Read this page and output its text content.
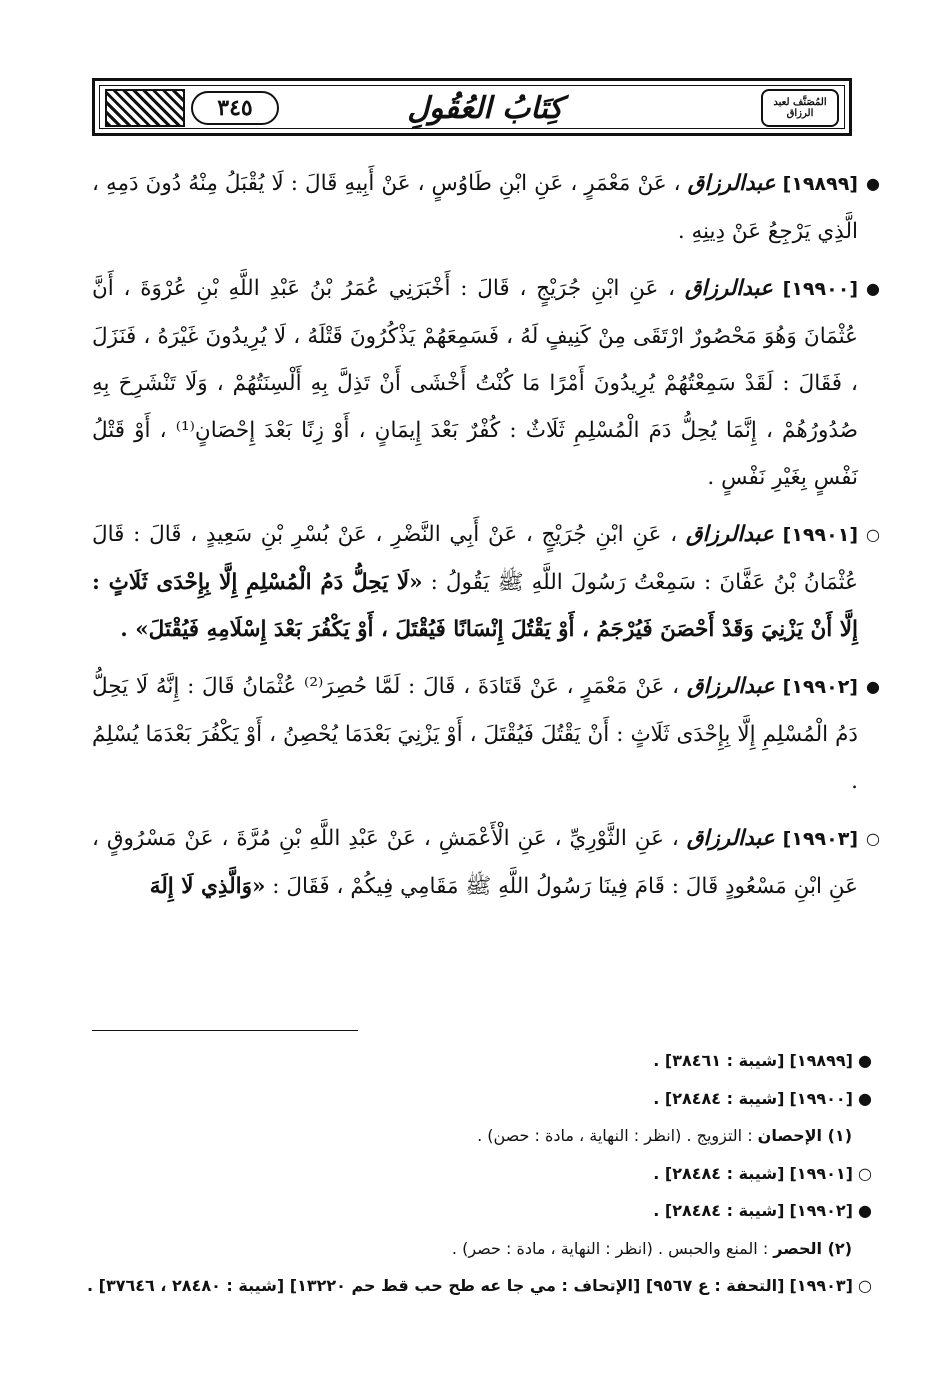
٣٤٥	كِتَابُ العُقُولِ	المُصَنَّف لعبد الرزاق

●
[١٩٨٩٩] عبدالرزاق ، عَنْ مَعْمَرٍ ، عَنِ ابْنِ طَاوُسٍ ، عَنْ أَبِيهِ قَالَ : لَا يُقْبَلُ مِنْهُ دُونَ دَمِهِ ، الَّذِي يَرْجِعُ عَنْ دِينِهِ .

●
[١٩٩٠٠] عبدالرزاق ، عَنِ ابْنِ جُرَيْجٍ ، قَالَ : أَخْبَرَنِي عُمَرُ بْنُ عَبْدِ اللَّهِ بْنِ عُرْوَةَ ، أَنَّ عُثْمَانَ وَهُوَ مَحْصُورٌ ارْتَقَى مِنْ كَنِيفٍ لَهُ ، فَسَمِعَهُمْ يَذْكُرُونَ قَتْلَهُ ، لَا يُرِيدُونَ غَيْرَهُ ، فَنَزَلَ ، فَقَالَ : لَقَدْ سَمِعْتُهُمْ يُرِيدُونَ أَمْرًا مَا كُنْتُ أَخْشَى أَنْ تَذِلَّ بِهِ أَلْسِنَتُهُمْ ، وَلَا تَنْشَرِحَ بِهِ صُدُورُهُمْ ، إِنَّمَا يُحِلُّ دَمَ الْمُسْلِمِ ثَلَاثٌ : كُفْرٌ بَعْدَ إِيمَانٍ ، أَوْ زِنًا بَعْدَ إِحْصَانٍ⁽¹⁾ ، أَوْ قَتْلُ نَفْسٍ بِغَيْرِ نَفْسٍ .

○
[١٩٩٠١] عبدالرزاق ، عَنِ ابْنِ جُرَيْجٍ ، عَنْ أَبِي النَّضْرِ ، عَنْ بُسْرِ بْنِ سَعِيدٍ ، قَالَ : قَالَ عُثْمَانُ بْنُ عَفَّانَ : سَمِعْتُ رَسُولَ اللَّهِ ﷺ يَقُولُ : «لَا يَحِلُّ دَمُ الْمُسْلِمِ إِلَّا بِإِحْدَى ثَلَاثٍ : إِلَّا أَنْ يَزْنِيَ وَقَدْ أَحْصَنَ فَيُرْجَمُ ، أَوْ يَقْتُلَ إِنْسَانًا فَيُقْتَلَ ، أَوْ يَكْفُرَ بَعْدَ إِسْلَامِهِ فَيُقْتَلَ» .

●
[١٩٩٠٢] عبدالرزاق ، عَنْ مَعْمَرٍ ، عَنْ قَتَادَةَ ، قَالَ : لَمَّا حُصِرَ⁽²⁾ عُثْمَانُ قَالَ : إِنَّهُ لَا يَحِلُّ دَمُ الْمُسْلِمِ إِلَّا بِإِحْدَى ثَلَاثٍ : أَنْ يَقْتُلَ فَيُقْتَلَ ، أَوْ يَزْنِيَ بَعْدَمَا يُحْصِنُ ، أَوْ يَكْفُرَ بَعْدَمَا يُسْلِمُ .

○
[١٩٩٠٣] عبدالرزاق ، عَنِ الثَّوْرِيِّ ، عَنِ الْأَعْمَشِ ، عَنْ عَبْدِ اللَّهِ بْنِ مُرَّةَ ، عَنْ مَسْرُوقٍ ، عَنِ ابْنِ مَسْعُودٍ قَالَ : قَامَ فِينَا رَسُولُ اللَّهِ ﷺ مَقَامِي فِيكُمْ ، فَقَالَ : «وَالَّذِي لَا إِلَهَ

● [١٩٨٩٩] [شيبة : ٣٨٤٦١] .
● [١٩٩٠٠] [شيبة : ٢٨٤٨٤] .
(١) الإحصان : التزويج . (انظر : النهاية ، مادة : حصن) .
○ [١٩٩٠١] [شيبة : ٢٨٤٨٤] .
● [١٩٩٠٢] [شيبة : ٢٨٤٨٤] .
(٢) الحصر : المنع والحبس . (انظر : النهاية ، مادة : حصر) .
○ [١٩٩٠٣] [التحفة : ع ٩٥٦٧] [الإتحاف : مي جا عه طح حب قط حم ١٣٢٢٠] [شيبة : ٢٨٤٨٠ ، ٣٧٦٤٦] .
